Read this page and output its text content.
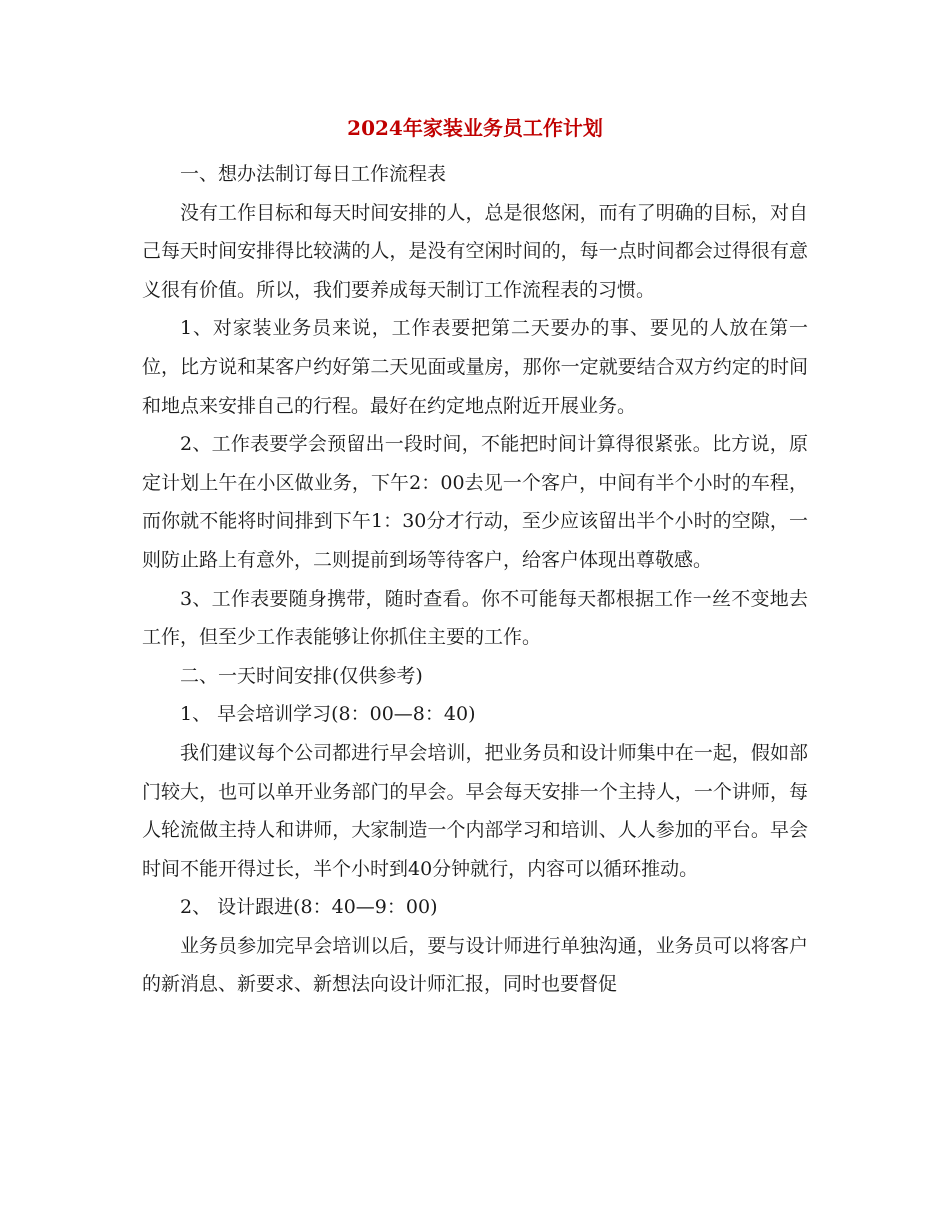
2024年家装业务员工作计划

一、想办法制订每日工作流程表

没有工作目标和每天时间安排的人，总是很悠闲，而有了明确的目标，对自己每天时间安排得比较满的人，是没有空闲时间的，每一点时间都会过得很有意义很有价值。所以，我们要养成每天制订工作流程表的习惯。

1、对家装业务员来说，工作表要把第二天要办的事、要见的人放在第一位，比方说和某客户约好第二天见面或量房，那你一定就要结合双方约定的时间和地点来安排自己的行程。最好在约定地点附近开展业务。

2、工作表要学会预留出一段时间，不能把时间计算得很紧张。比方说，原定计划上午在小区做业务，下午2：00去见一个客户，中间有半个小时的车程，而你就不能将时间排到下午1：30分才行动，至少应该留出半个小时的空隙，一则防止路上有意外，二则提前到场等待客户，给客户体现出尊敬感。

3、工作表要随身携带，随时查看。你不可能每天都根据工作一丝不变地去工作，但至少工作表能够让你抓住主要的工作。

二、一天时间安排(仅供参考)

1、 早会培训学习(8：00—8：40)

我们建议每个公司都进行早会培训，把业务员和设计师集中在一起，假如部门较大，也可以单开业务部门的早会。早会每天安排一个主持人，一个讲师，每人轮流做主持人和讲师，大家制造一个内部学习和培训、人人参加的平台。早会时间不能开得过长，半个小时到40分钟就行，内容可以循环推动。

2、 设计跟进(8：40—9：00)

业务员参加完早会培训以后，要与设计师进行单独沟通，业务员可以将客户的新消息、新要求、新想法向设计师汇报，同时也要督促
